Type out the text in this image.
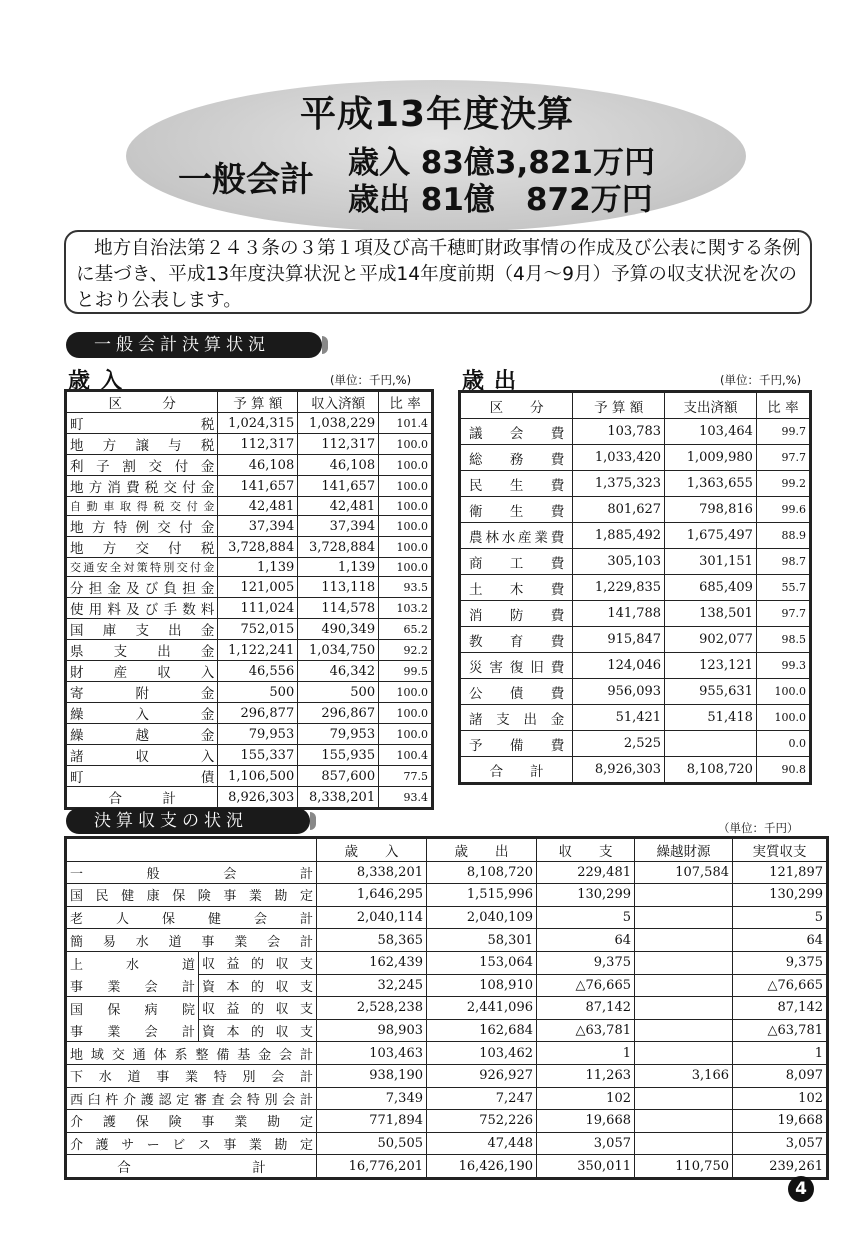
平成13年度決算
一般会計 歳入 83億3,821万円
歳出 81億　872万円
地方自治法第２４３条の３第１項及び高千穂町財政事情の作成及び公表に関する条例に基づき、平成13年度決算状況と平成14年度前期（4月～9月）予算の収支状況を次のとおり公表します。
一般会計決算状況
歳入	(単位：千円,%)
区　　　分	予 算 額	収入済額	比 率
町税	1,024,315	1,038,229	101.4
地方譲与税	112,317	112,317	100.0
利子割交付金	46,108	46,108	100.0
地方消費税交付金	141,657	141,657	100.0
自動車取得税交付金	42,481	42,481	100.0
地方特例交付金	37,394	37,394	100.0
地方交付税	3,728,884	3,728,884	100.0
交通安全対策特別交付金	1,139	1,139	100.0
分担金及び負担金	121,005	113,118	93.5
使用料及び手数料	111,024	114,578	103.2
国庫支出金	752,015	490,349	65.2
県支出金	1,122,241	1,034,750	92.2
財産収入	46,556	46,342	99.5
寄附金	500	500	100.0
繰入金	296,877	296,867	100.0
繰越金	79,953	79,953	100.0
諸収入	155,337	155,935	100.4
町債	1,106,500	857,600	77.5
合　　　計	8,926,303	8,338,201	93.4
歳出	(単位：千円,%)
区　　分	予 算 額	支出済額	比 率
議会費	103,783	103,464	99.7
総務費	1,033,420	1,009,980	97.7
民生費	1,375,323	1,363,655	99.2
衛生費	801,627	798,816	99.6
農林水産業費	1,885,492	1,675,497	88.9
商工費	305,103	301,151	98.7
土木費	1,229,835	685,409	55.7
消防費	141,788	138,501	97.7
教育費	915,847	902,077	98.5
災害復旧費	124,046	123,121	99.3
公債費	956,093	955,631	100.0
諸支出金	51,421	51,418	100.0
予備費	2,525		0.0
合　　計	8,926,303	8,108,720	90.8
決算収支の状況	（単位：千円）
		歳　　入	歳　　出	収　　支	繰越財源	実質収支
一般会計		8,338,201	8,108,720	229,481	107,584	121,897
国民健康保険事業勘定		1,646,295	1,515,996	130,299		130,299
老人保健会計		2,040,114	2,040,109	5		5
簡易水道事業会計		58,365	58,301	64		64
上水道	収益的収支	162,439	153,064	9,375		9,375
事業会計	資本的収支	32,245	108,910	△76,665		△76,665
国保病院	収益的収支	2,528,238	2,441,096	87,142		87,142
事業会計	資本的収支	98,903	162,684	△63,781		△63,781
地域交通体系整備基金会計		103,463	103,462	1		1
下水道事業特別会計		938,190	926,927	11,263	3,166	8,097
西臼杵介護認定審査会特別会計		7,349	7,247	102		102
介護保険事業勘定		771,894	752,226	19,668		19,668
介護サービス事業勘定		50,505	47,448	3,057		3,057
合　　　　　　　　　計		16,776,201	16,426,190	350,011	110,750	239,261
4
